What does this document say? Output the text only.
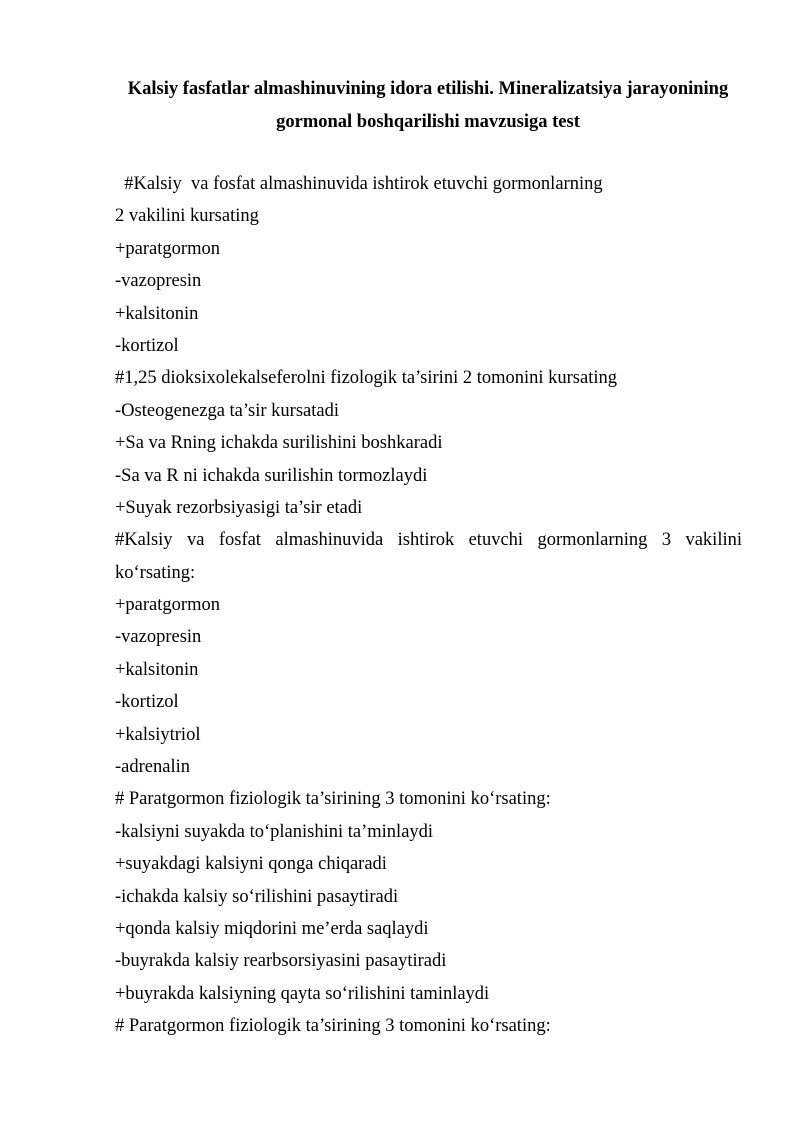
Kalsiy fasfatlar almashinuvining idora etilishi. Mineralizatsiya jarayonining
gormonal boshqarilishi mavzusiga test
#Kalsiy  va fosfat almashinuvida ishtirok etuvchi gormonlarning
2 vakilini kursating
+paratgormon
-vazopresin
+kalsitonin
-kortizol
#1,25 dioksixolekalseferolni fizologik ta’sirini 2 tomonini kursating
-Osteogenezga ta’sir kursatadi
+Sa va Rning ichakda surilishini boshkaradi
-Sa va R ni ichakda surilishin tormozlaydi
+Suyak rezorbsiyasigi ta’sir etadi
#Kalsiy va fosfat almashinuvida ishtirok etuvchi gormonlarning 3 vakilini
ko‘rsating:
+paratgormon
-vazopresin
+kalsitonin
-kortizol
+kalsiytriol
-adrenalin
# Paratgormon fiziologik ta’sirining 3 tomonini ko‘rsating:
-kalsiyni suyakda to‘planishini ta’minlaydi
+suyakdagi kalsiyni qonga chiqaradi
-ichakda kalsiy so‘rilishini pasaytiradi
+qonda kalsiy miqdorini me’erda saqlaydi
-buyrakda kalsiy rearbsorsiyasini pasaytiradi
+buyrakda kalsiyning qayta so‘rilishini taminlaydi
# Paratgormon fiziologik ta’sirining 3 tomonini ko‘rsating:
